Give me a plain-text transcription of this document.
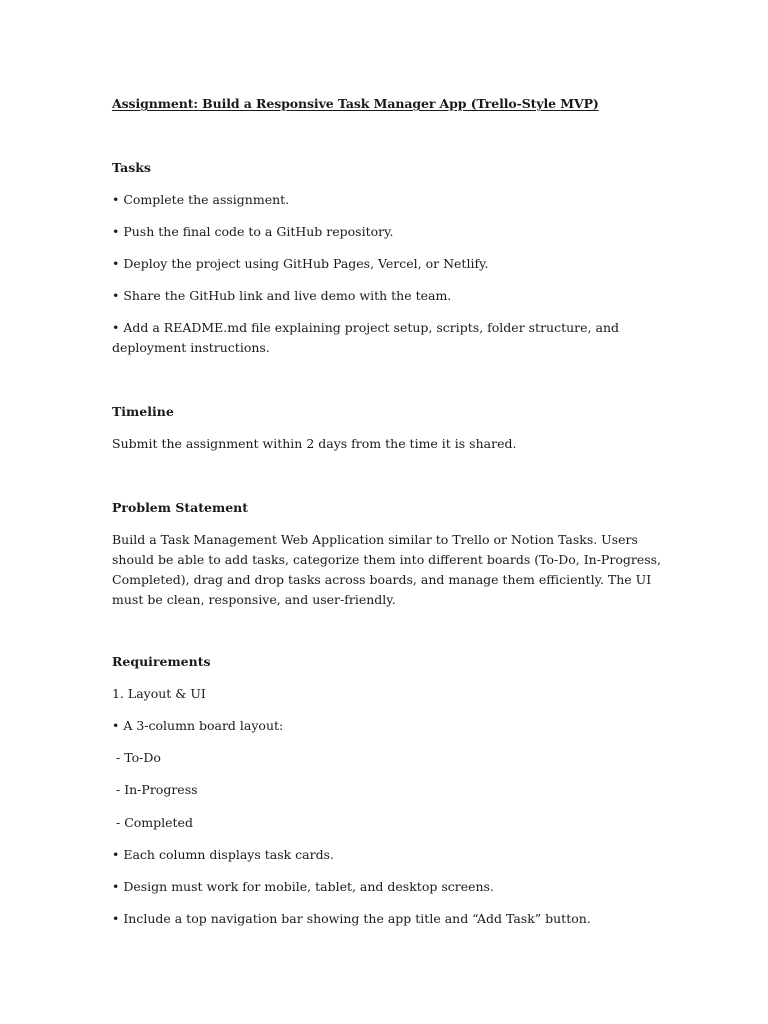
Assignment: Build a Responsive Task Manager App (Trello-Style MVP)
Tasks
• Complete the assignment.
• Push the final code to a GitHub repository.
• Deploy the project using GitHub Pages, Vercel, or Netlify.
• Share the GitHub link and live demo with the team.
• Add a README.md file explaining project setup, scripts, folder structure, and deployment instructions.
Timeline
Submit the assignment within 2 days from the time it is shared.
Problem Statement
Build a Task Management Web Application similar to Trello or Notion Tasks. Users should be able to add tasks, categorize them into different boards (To-Do, In-Progress, Completed), drag and drop tasks across boards, and manage them efficiently. The UI must be clean, responsive, and user-friendly.
Requirements
1. Layout & UI
• A 3-column board layout:
- To-Do
- In-Progress
- Completed
• Each column displays task cards.
• Design must work for mobile, tablet, and desktop screens.
• Include a top navigation bar showing the app title and “Add Task” button.
